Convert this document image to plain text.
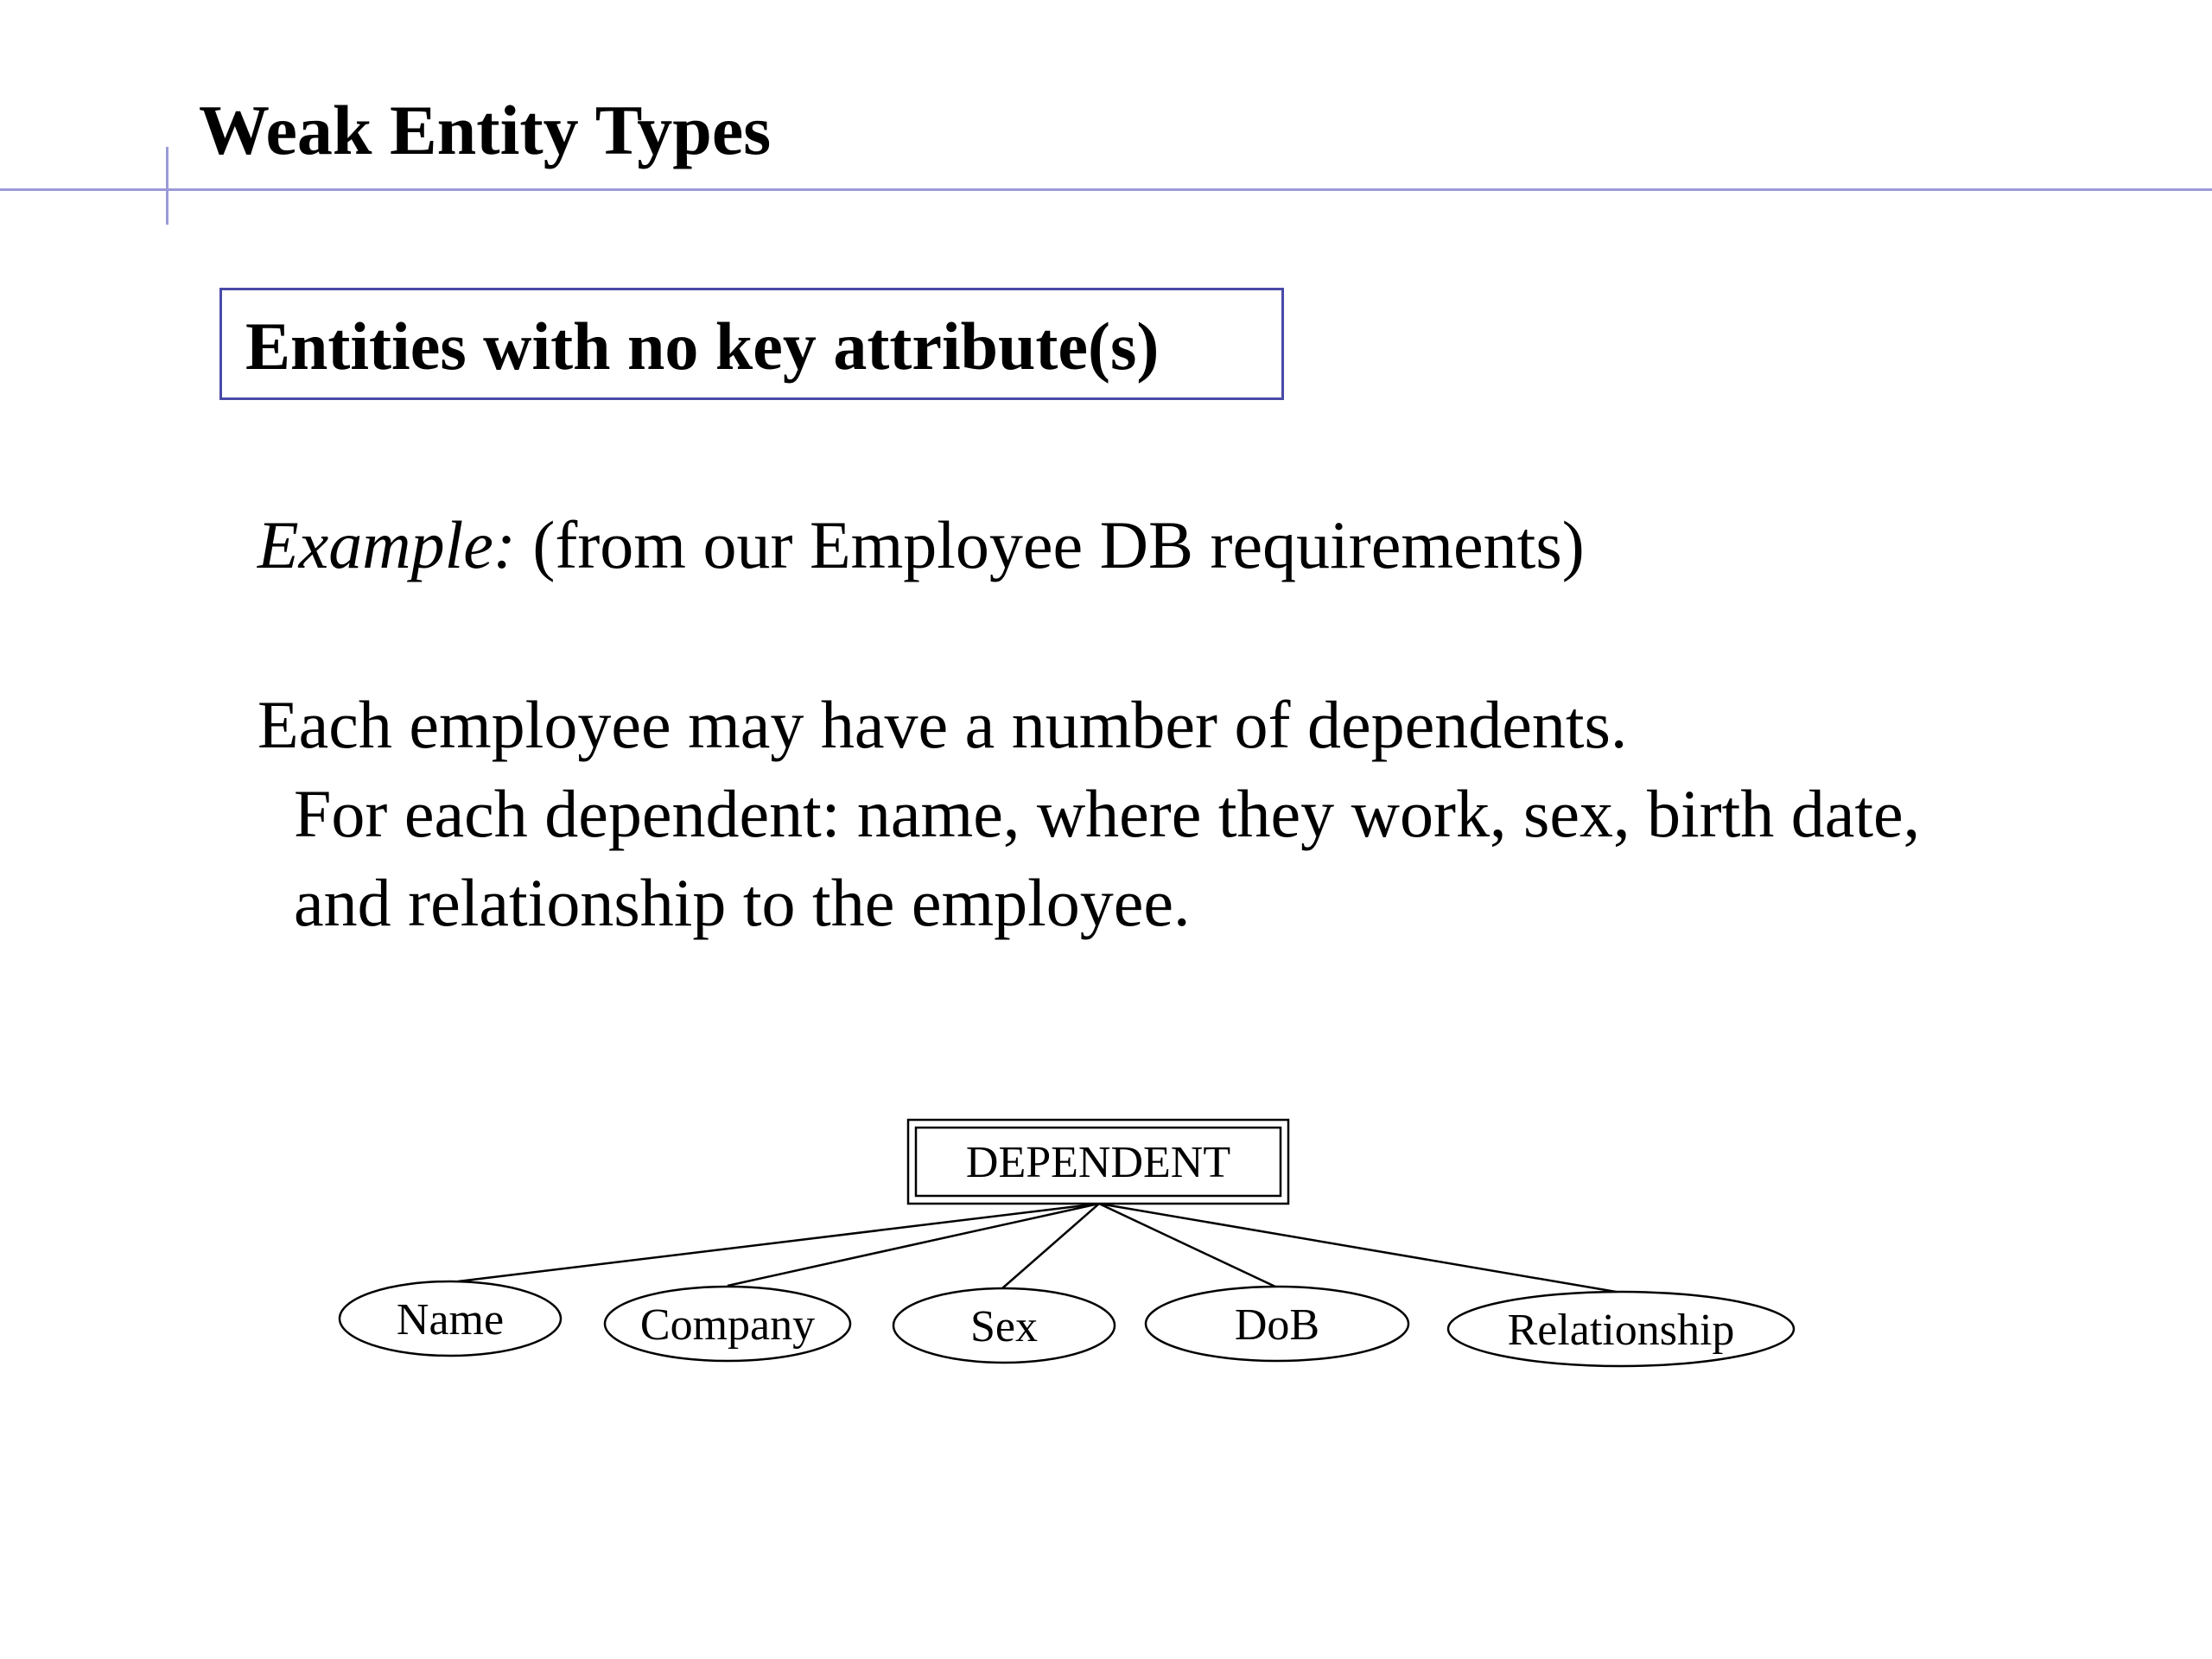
Weak Entity Types
Entities with no key attribute(s)
Example: (from our Employee DB requirements)
Each employee may have a number of dependents.
For each dependent: name, where they work, sex, birth date,
and relationship to the employee.
DEPENDENT
Name	Company	Sex	DoB	Relationship
